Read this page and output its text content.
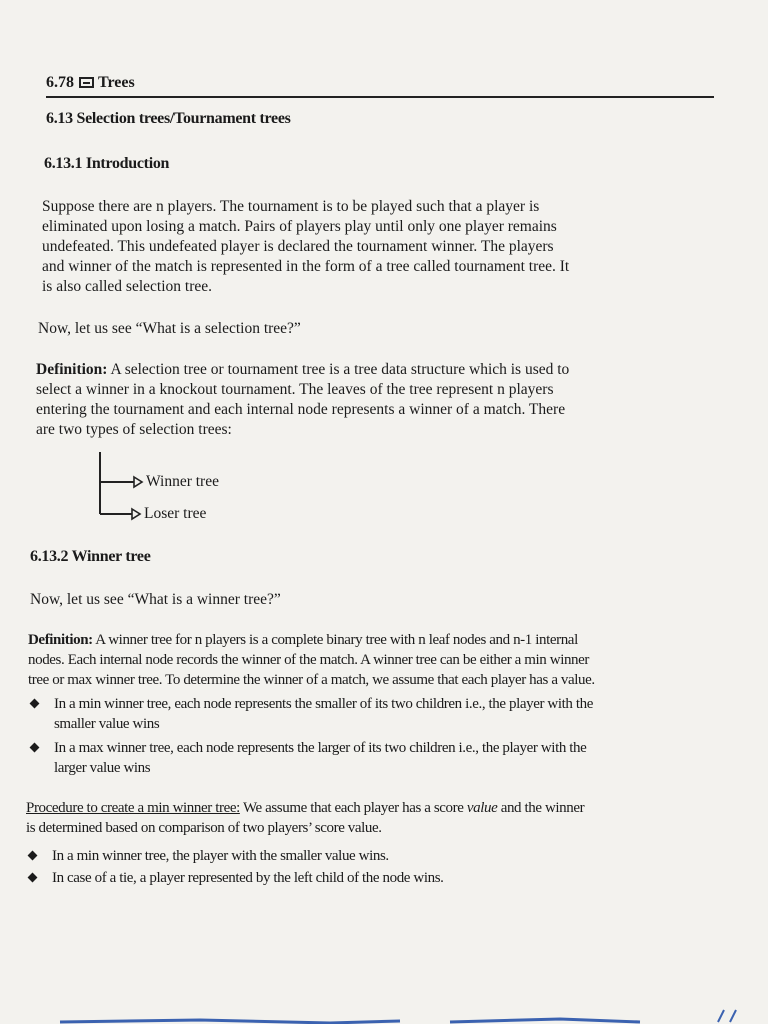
6.78 Trees
6.13 Selection trees/Tournament trees
6.13.1 Introduction
Suppose there are n players. The tournament is to be played such that a player is
eliminated upon losing a match. Pairs of players play until only one player remains
undefeated. This undefeated player is declared the tournament winner. The players
and winner of the match is represented in the form of a tree called tournament tree. It
is also called selection tree.
Now, let us see “What is a selection tree?”
Definition: A selection tree or tournament tree is a tree data structure which is used to
select a winner in a knockout tournament. The leaves of the tree represent n players
entering the tournament and each internal node represents a winner of a match. There
are two types of selection trees:
Winner tree
Loser tree
6.13.2 Winner tree
Now, let us see “What is a winner tree?”
Definition: A winner tree for n players is a complete binary tree with n leaf nodes and n-1 internal
nodes. Each internal node records the winner of the match. A winner tree can be either a min winner
tree or max winner tree. To determine the winner of a match, we assume that each player has a value.
In a min winner tree, each node represents the smaller of its two children i.e., the player with the
smaller value wins
In a max winner tree, each node represents the larger of its two children i.e., the player with the
larger value wins
Procedure to create a min winner tree: We assume that each player has a score value and the winner
is determined based on comparison of two players’ score value.
In a min winner tree, the player with the smaller value wins.
In case of a tie, a player represented by the left child of the node wins.
